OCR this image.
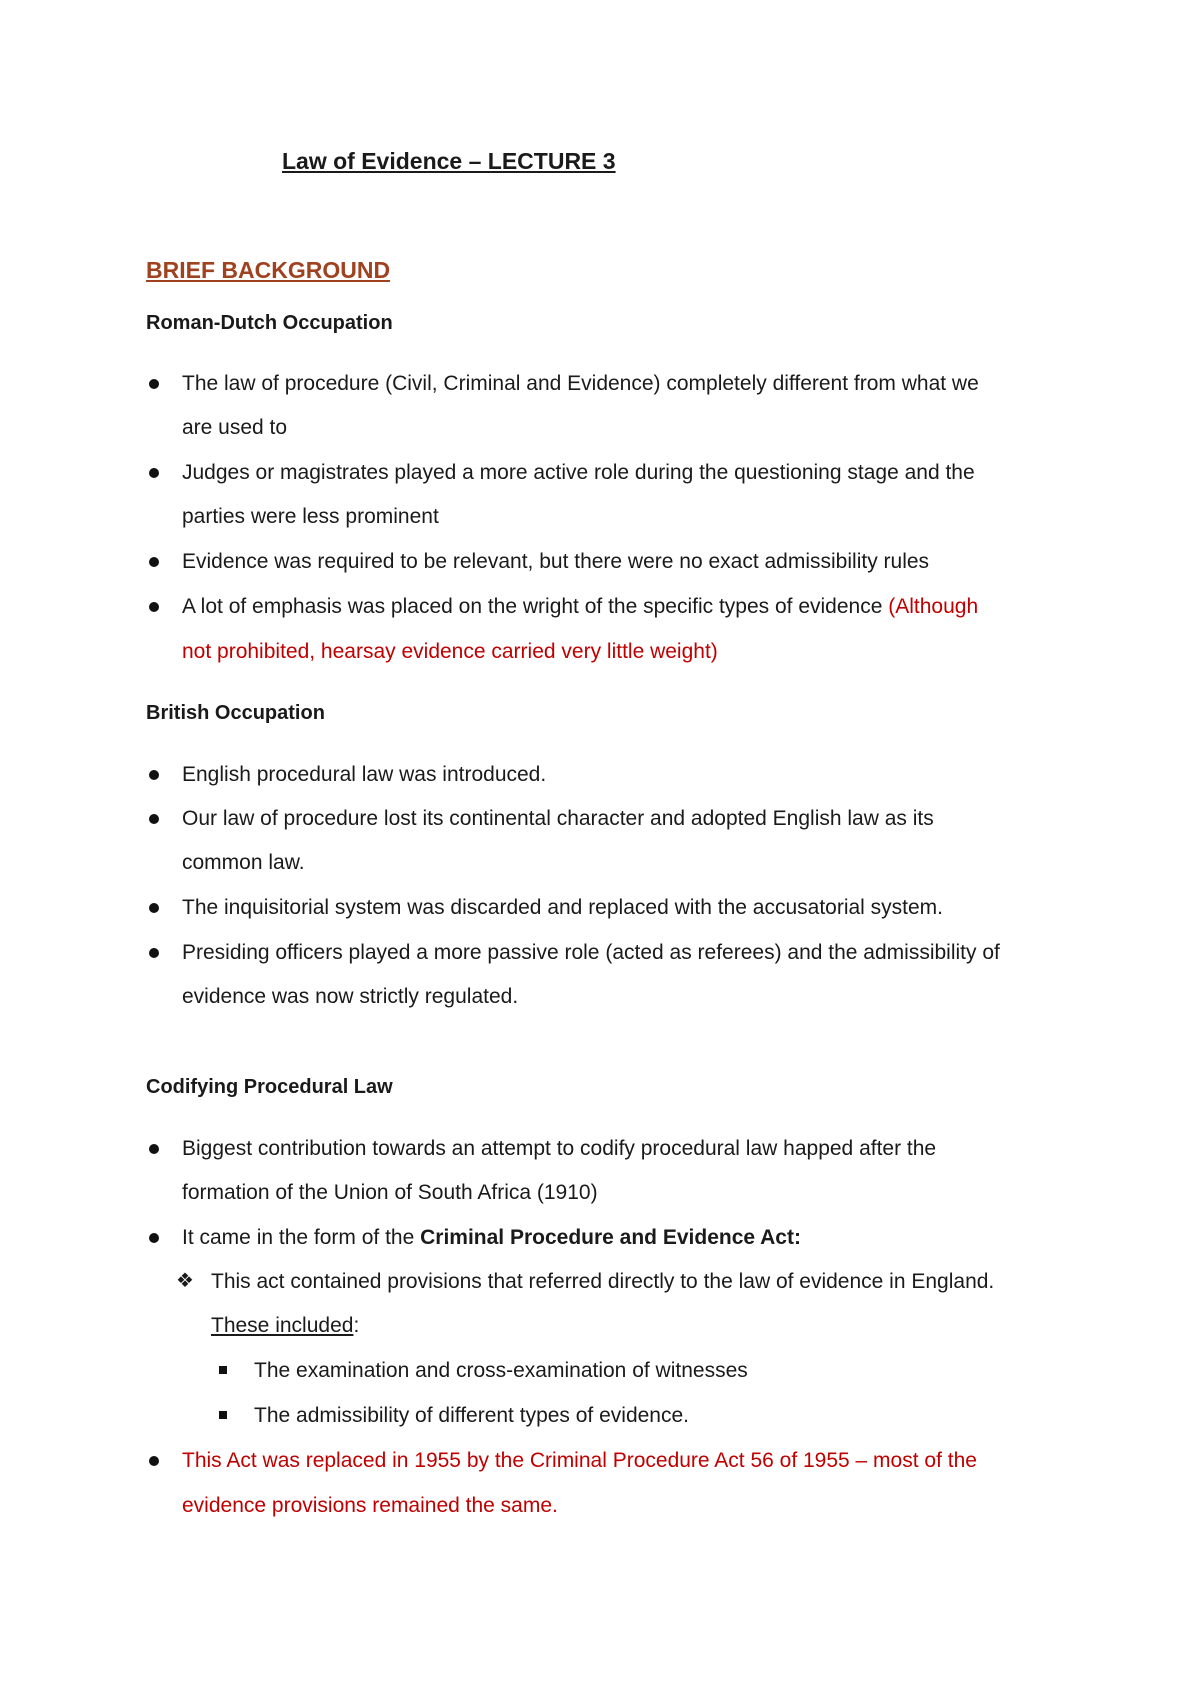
Law of Evidence – LECTURE 3
BRIEF BACKGROUND
Roman-Dutch Occupation
The law of procedure (Civil, Criminal and Evidence) completely different from what we
are used to
Judges or magistrates played a more active role during the questioning stage and the
parties were less prominent
Evidence was required to be relevant, but there were no exact admissibility rules
A lot of emphasis was placed on the wright of the specific types of evidence (Although
not prohibited, hearsay evidence carried very little weight)
British Occupation
English procedural law was introduced.
Our law of procedure lost its continental character and adopted English law as its
common law.
The inquisitorial system was discarded and replaced with the accusatorial system.
Presiding officers played a more passive role (acted as referees) and the admissibility of
evidence was now strictly regulated.
Codifying Procedural Law
Biggest contribution towards an attempt to codify procedural law happed after the
formation of the Union of South Africa (1910)
It came in the form of the Criminal Procedure and Evidence Act:
❖ This act contained provisions that referred directly to the law of evidence in England.
These included:
The examination and cross-examination of witnesses
The admissibility of different types of evidence.
This Act was replaced in 1955 by the Criminal Procedure Act 56 of 1955 – most of the
evidence provisions remained the same.
